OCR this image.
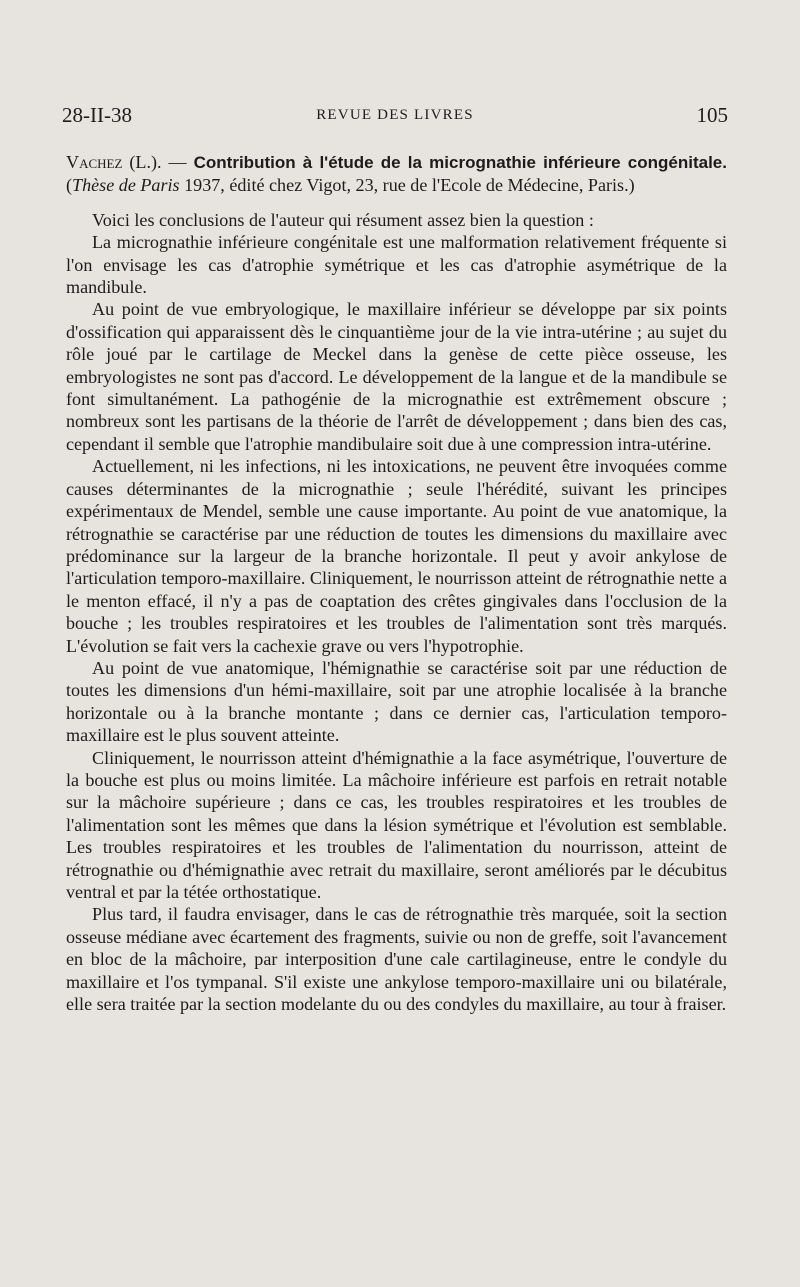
28-II-38	REVUE DES LIVRES	105

Vachez (L.). — Contribution à l'étude de la micrognathie inférieure congénitale. (Thèse de Paris 1937, édité chez Vigot, 23, rue de l'Ecole de Médecine, Paris.)

Voici les conclusions de l'auteur qui résument assez bien la question :

La micrognathie inférieure congénitale est une malformation relativement fréquente si l'on envisage les cas d'atrophie symétrique et les cas d'atrophie asymétrique de la mandibule.

Au point de vue embryologique, le maxillaire inférieur se développe par six points d'ossification qui apparaissent dès le cinquantième jour de la vie intra-utérine ; au sujet du rôle joué par le cartilage de Meckel dans la genèse de cette pièce osseuse, les embryologistes ne sont pas d'accord. Le développement de la langue et de la mandibule se font simultanément. La pathogénie de la micrognathie est extrêmement obscure ; nombreux sont les partisans de la théorie de l'arrêt de développement ; dans bien des cas, cependant il semble que l'atrophie mandibulaire soit due à une compression intra-utérine.

Actuellement, ni les infections, ni les intoxications, ne peuvent être invoquées comme causes déterminantes de la micrognathie ; seule l'hérédité, suivant les principes expérimentaux de Mendel, semble une cause importante. Au point de vue anatomique, la rétrognathie se caractérise par une réduction de toutes les dimensions du maxillaire avec prédominance sur la largeur de la branche horizontale. Il peut y avoir ankylose de l'articulation temporo-maxillaire. Cliniquement, le nourrisson atteint de rétrognathie nette a le menton effacé, il n'y a pas de coaptation des crêtes gingivales dans l'occlusion de la bouche ; les troubles respiratoires et les troubles de l'alimentation sont très marqués. L'évolution se fait vers la cachexie grave ou vers l'hypotrophie.

Au point de vue anatomique, l'hémignathie se caractérise soit par une réduction de toutes les dimensions d'un hémi-maxillaire, soit par une atrophie localisée à la branche horizontale ou à la branche montante ; dans ce dernier cas, l'articulation temporo-maxillaire est le plus souvent atteinte.

Cliniquement, le nourrisson atteint d'hémignathie a la face asymétrique, l'ouverture de la bouche est plus ou moins limitée. La mâchoire inférieure est parfois en retrait notable sur la mâchoire supérieure ; dans ce cas, les troubles respiratoires et les troubles de l'alimentation sont les mêmes que dans la lésion symétrique et l'évolution est semblable. Les troubles respiratoires et les troubles de l'alimentation du nourrisson, atteint de rétrognathie ou d'hémignathie avec retrait du maxillaire, seront améliorés par le décubitus ventral et par la tétée orthostatique.

Plus tard, il faudra envisager, dans le cas de rétrognathie très marquée, soit la section osseuse médiane avec écartement des fragments, suivie ou non de greffe, soit l'avancement en bloc de la mâchoire, par interposition d'une cale cartilagineuse, entre le condyle du maxillaire et l'os tympanal. S'il existe une ankylose temporo-maxillaire uni ou bilatérale, elle sera traitée par la section modelante du ou des condyles du maxillaire, au tour à fraiser.
